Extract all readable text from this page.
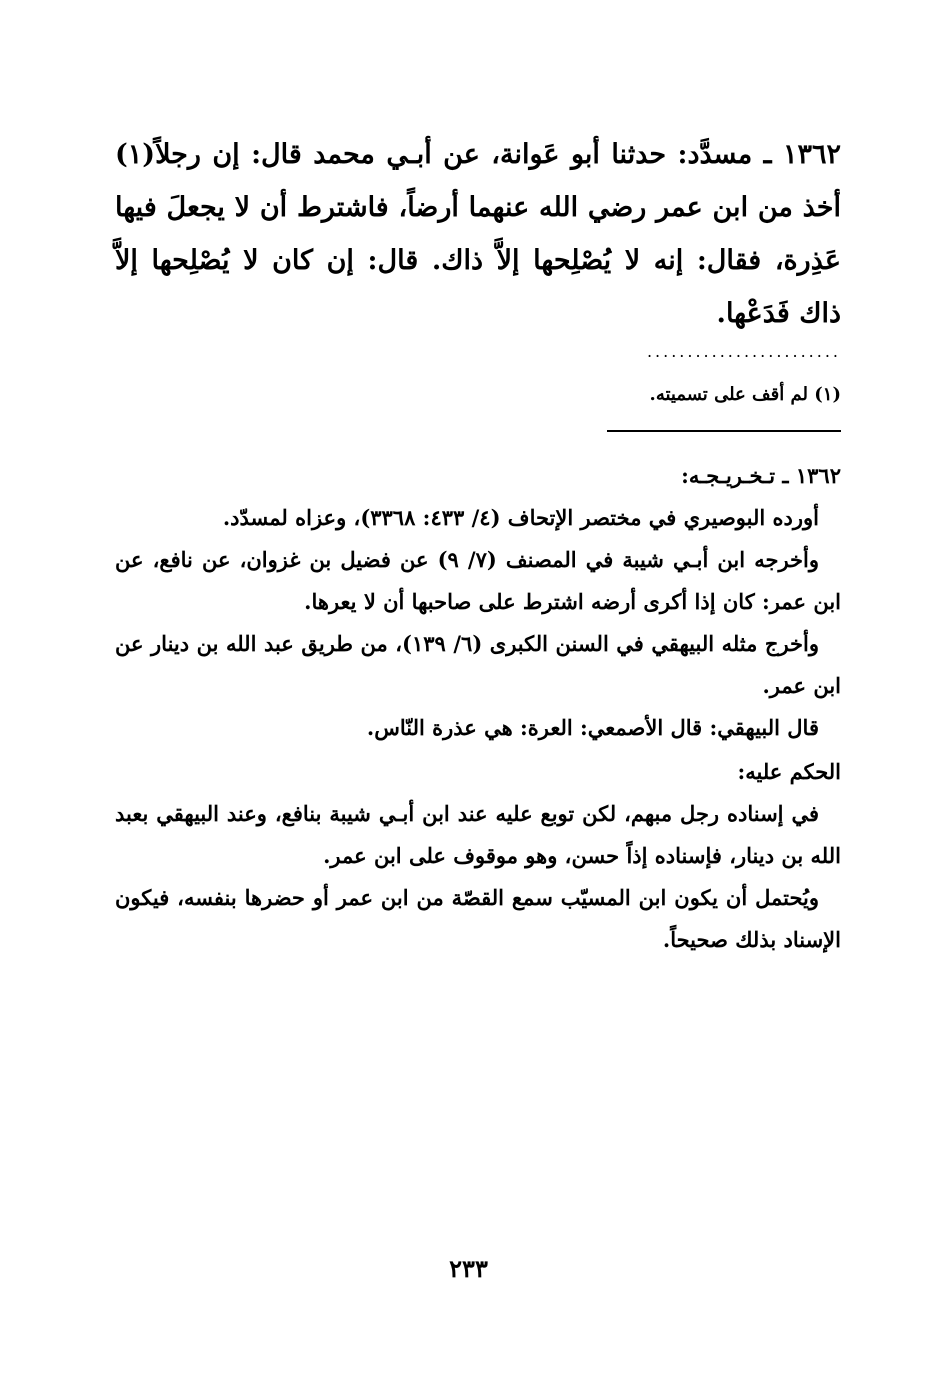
١٣٦٢ ـ مسدَّد: حدثنا أبو عَوانة، عن أبـي محمد قال: إن رجلاً(١) أخذ من ابن عمر رضي الله عنهما أرضاً، فاشترط أن لا يجعلَ فيها عَذِرة، فقال: إنه لا يُصْلِحها إلاَّ ذاك. قال: إن كان لا يُصْلِحها إلاَّ ذاك فَدَعْها.

........................
(١) لم أقف على تسميته.

١٣٦٢ ـ تـخـريـجـه:

أورده البوصيري في مختصر الإتحاف (٤/ ٤٣٣: ٣٣٦٨)، وعزاه لمسدّد.

وأخرجه ابن أبـي شيبة في المصنف (٧/ ٩) عن فضيل بن غزوان، عن نافع، عن ابن عمر: كان إذا أكرى أرضه اشترط على صاحبها أن لا يعرها.

وأخرج مثله البيهقي في السنن الكبرى (٦/ ١٣٩)، من طريق عبد الله بن دينار عن ابن عمر.

قال البيهقي: قال الأصمعي: العرة: هي عذرة النّاس.

الحكم عليه:

في إسناده رجل مبهم، لكن توبع عليه عند ابن أبـي شيبة بنافع، وعند البيهقي بعبد الله بن دينار، فإسناده إذاً حسن، وهو موقوف على ابن عمر.

ويُحتمل أن يكون ابن المسيّب سمع القصّة من ابن عمر أو حضرها بنفسه، فيكون الإسناد بذلك صحيحاً.

٢٣٣
